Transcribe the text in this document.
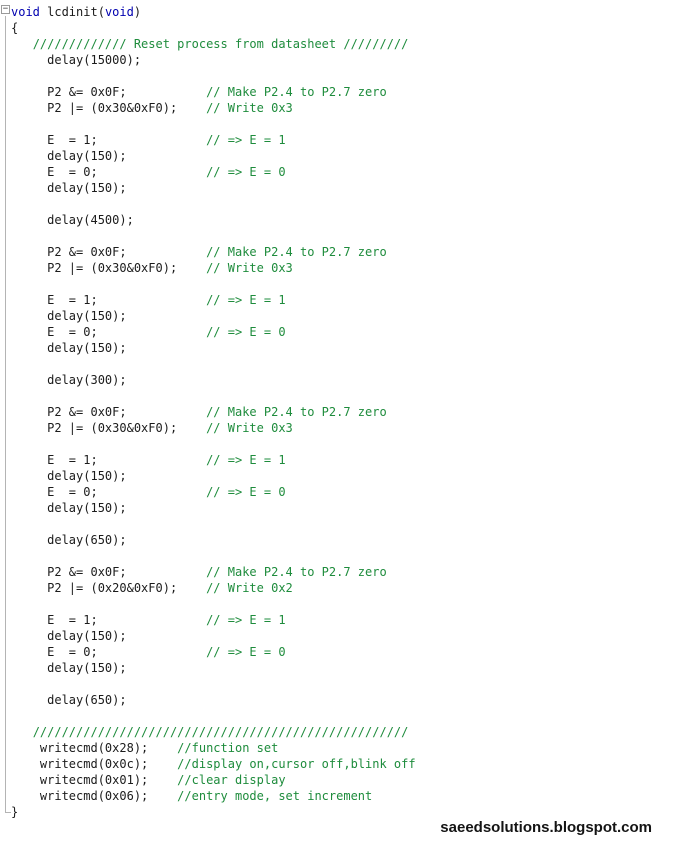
− void lcdinit(void)
{
///////////// Reset process from datasheet /////////
delay(15000);
P2 &= 0x0F;           // Make P2.4 to P2.7 zero
P2 |= (0x30&0xF0);    // Write 0x3
E  = 1;               // => E = 1
delay(150);
E  = 0;               // => E = 0
delay(150);
delay(4500);
P2 &= 0x0F;           // Make P2.4 to P2.7 zero
P2 |= (0x30&0xF0);    // Write 0x3
E  = 1;               // => E = 1
delay(150);
E  = 0;               // => E = 0
delay(150);
delay(300);
P2 &= 0x0F;           // Make P2.4 to P2.7 zero
P2 |= (0x30&0xF0);    // Write 0x3
E  = 1;               // => E = 1
delay(150);
E  = 0;               // => E = 0
delay(150);
delay(650);
P2 &= 0x0F;           // Make P2.4 to P2.7 zero
P2 |= (0x20&0xF0);    // Write 0x2
E  = 1;               // => E = 1
delay(150);
E  = 0;               // => E = 0
delay(150);
delay(650);
////////////////////////////////////////////////////
writecmd(0x28);    //function set
writecmd(0x0c);    //display on,cursor off,blink off
writecmd(0x01);    //clear display
writecmd(0x06);    //entry mode, set increment
}
saeedsolutions.blogspot.com
